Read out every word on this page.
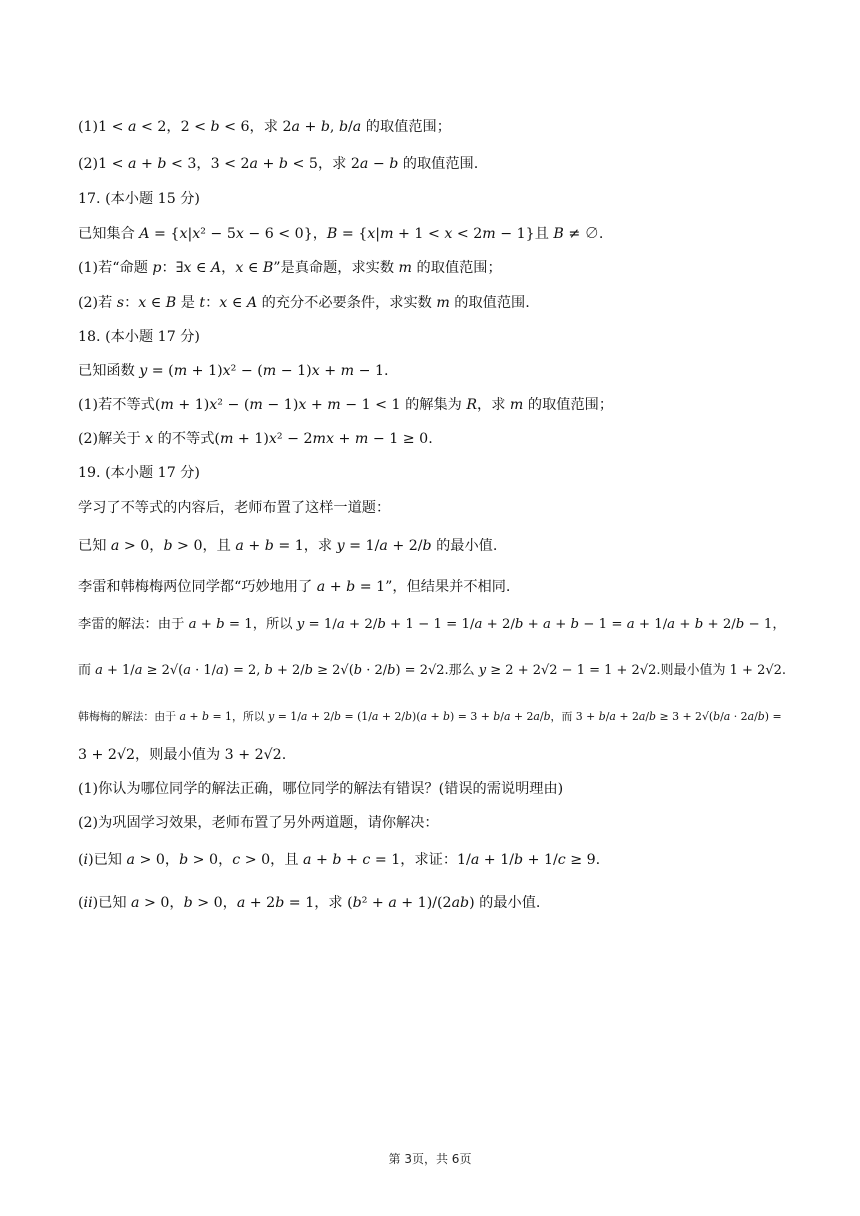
(1)1 < 𝑎 < 2，2 < 𝑏 < 6，求 2𝑎 + 𝑏, 𝑏/𝑎 的取值范围；
(2)1 < 𝑎 + 𝑏 < 3，3 < 2𝑎 + 𝑏 < 5，求 2𝑎 − 𝑏 的取值范围.
17. (本小题 15 分)
已知集合 𝐴 = {𝑥|𝑥² − 5𝑥 − 6 < 0}，𝐵 = {𝑥|𝑚 + 1 < 𝑥 < 2𝑚 − 1}且 𝐵 ≠ ∅.
(1)若“命题 𝑝：∃𝑥 ∈ 𝐴，𝑥 ∈ 𝐵”是真命题，求实数 𝑚 的取值范围；
(2)若 𝑠：𝑥 ∈ 𝐵 是 𝑡：𝑥 ∈ 𝐴 的充分不必要条件，求实数 𝑚 的取值范围.
18. (本小题 17 分)
已知函数 𝑦 = (𝑚 + 1)𝑥² − (𝑚 − 1)𝑥 + 𝑚 − 1.
(1)若不等式(𝑚 + 1)𝑥² − (𝑚 − 1)𝑥 + 𝑚 − 1 < 1 的解集为 𝑅，求 𝑚 的取值范围；
(2)解关于 𝑥 的不等式(𝑚 + 1)𝑥² − 2𝑚𝑥 + 𝑚 − 1 ≥ 0.
19. (本小题 17 分)
学习了不等式的内容后，老师布置了这样一道题：
已知 𝑎 > 0，𝑏 > 0，且 𝑎 + 𝑏 = 1，求 𝑦 = 1/𝑎 + 2/𝑏 的最小值.
李雷和韩梅梅两位同学都“巧妙地用了 𝑎 + 𝑏 = 1”，但结果并不相同.
李雷的解法：由于 𝑎 + 𝑏 = 1，所以 𝑦 = 1/𝑎 + 2/𝑏 + 1 − 1 = 1/𝑎 + 2/𝑏 + 𝑎 + 𝑏 − 1 = 𝑎 + 1/𝑎 + 𝑏 + 2/𝑏 − 1，
而 𝑎 + 1/𝑎 ≥ 2√(𝑎 · 1/𝑎) = 2, 𝑏 + 2/𝑏 ≥ 2√(𝑏 · 2/𝑏) = 2√2.那么 𝑦 ≥ 2 + 2√2 − 1 = 1 + 2√2.则最小值为 1 + 2√2.
韩梅梅的解法：由于 𝑎 + 𝑏 = 1，所以 𝑦 = 1/𝑎 + 2/𝑏 = (1/𝑎 + 2/𝑏)(𝑎 + 𝑏) = 3 + 𝑏/𝑎 + 2𝑎/𝑏，而 3 + 𝑏/𝑎 + 2𝑎/𝑏 ≥ 3 + 2√(𝑏/𝑎 · 2𝑎/𝑏) =
3 + 2√2，则最小值为 3 + 2√2.
(1)你认为哪位同学的解法正确，哪位同学的解法有错误？(错误的需说明理由)
(2)为巩固学习效果，老师布置了另外两道题，请你解决：
(𝑖)已知 𝑎 > 0，𝑏 > 0，𝑐 > 0，且 𝑎 + 𝑏 + 𝑐 = 1，求证：1/𝑎 + 1/𝑏 + 1/𝑐 ≥ 9.
(𝑖𝑖)已知 𝑎 > 0，𝑏 > 0，𝑎 + 2𝑏 = 1，求 (𝑏² + 𝑎 + 1)/(2𝑎𝑏) 的最小值.
第 3页，共 6页
